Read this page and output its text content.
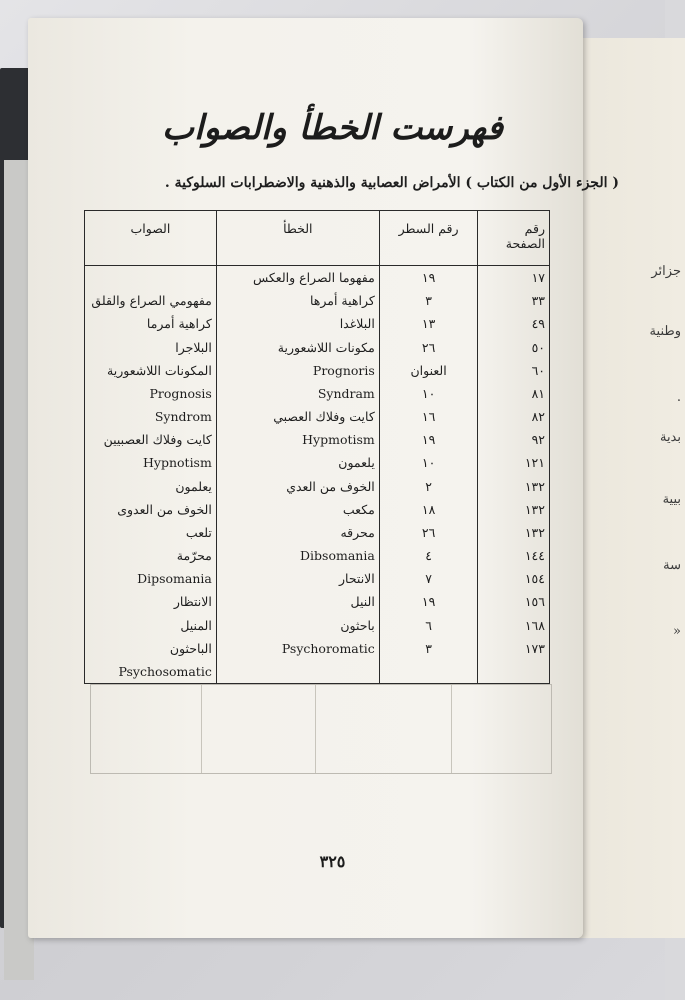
جزائر
وطنية
.
بدية
بيية
سة
«
فهرست الخطأ والصواب
( الجزء الأول من الكتاب ) الأمراض العصابية والذهنية والاضطرابات السلوكية .
رقم الصفحة	رقم السطر	الخطأ	الصواب
١٧	١٩	مفهوما الصراع والعكس	
٣٣	٣	كراهية أمرها	مفهومي الصراع والقلق
٤٩	١٣	البلاغدا	كراهية أمرما
٥٠	٢٦	مكونات اللاشعورية	البلاجرا
٦٠	العنوان	Prognoris	المكونات اللاشعورية
٨١	١٠	Syndram	Prognosis
٨٢	١٦	كايت وفلاك العصبي	Syndrom
٩٢	١٩	Hypmotism	كايت وفلاك العصبيين
١٢١	١٠	يلعمون	Hypnotism
١٣٢	٢	الخوف من العدي	يعلمون
١٣٢	١٨	مكعب	الخوف من العدوى
١٣٢	٢٦	محرقه	تلعب
١٤٤	٤	Dibsomania	محرّمة
١٥٤	٧	الانتحار	Dipsomania
١٥٦	١٩	النيل	الانتظار
١٦٨	٦	باحثون	المنيل
١٧٣	٣	Psychoromatic	الباحثون
			Psychosomatic
٣٢٥
